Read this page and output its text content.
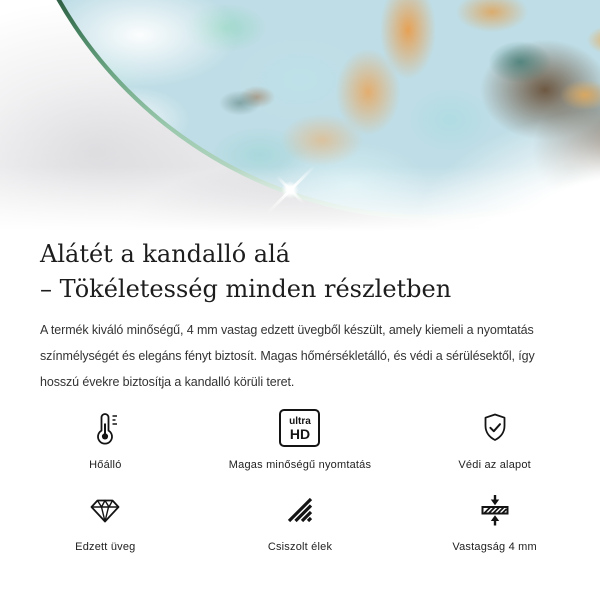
Alátét a kandalló alá
– Tökéletesség minden részletben
A termék kiváló minőségű, 4 mm vastag edzett üvegből készült, amely kiemeli a nyomtatás
színmélységét és elegáns fényt biztosít. Magas hőmérsékletálló, és védi a sérülésektől, így
hosszú évekre biztosítja a kandalló körüli teret.
Hőálló
ultra
HD
Magas minőségű nyomtatás	Védi az alapot
Edzett üveg	Csiszolt élek	Vastagság 4 mm
